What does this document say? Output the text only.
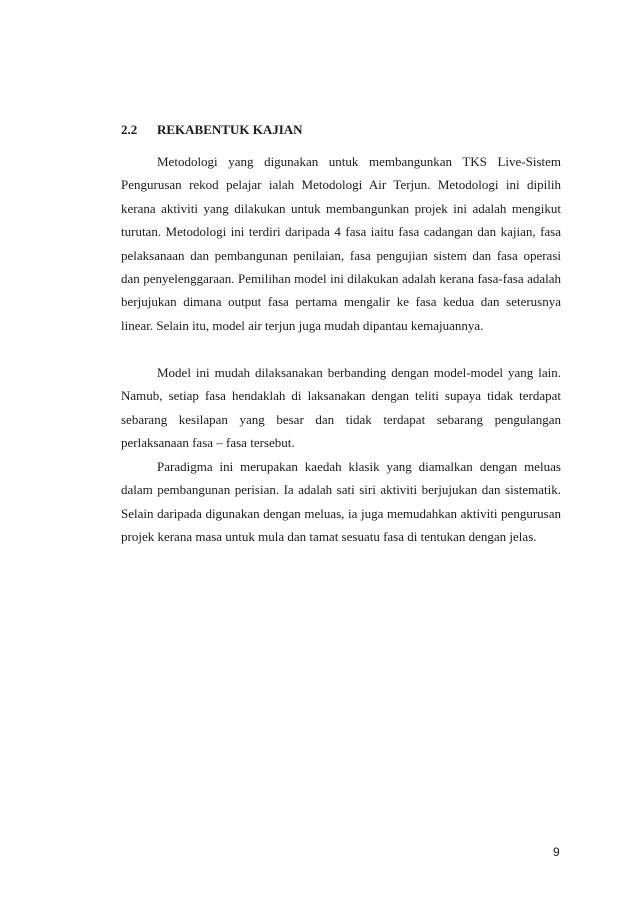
2.2 REKABENTUK KAJIAN

Metodologi yang digunakan untuk membangunkan TKS Live-Sistem Pengurusan rekod pelajar ialah Metodologi Air Terjun. Metodologi ini dipilih kerana aktiviti yang dilakukan untuk membangunkan projek ini adalah mengikut turutan. Metodologi ini terdiri daripada 4 fasa iaitu fasa cadangan dan kajian, fasa pelaksanaan dan pembangunan penilaian, fasa pengujian sistem dan fasa operasi dan penyelenggaraan. Pemilihan model ini dilakukan adalah kerana fasa-fasa adalah berjujukan dimana output fasa pertama mengalir ke fasa kedua dan seterusnya linear. Selain itu, model air terjun juga mudah dipantau kemajuannya.

Model ini mudah dilaksanakan berbanding dengan model-model yang lain. Namub, setiap fasa hendaklah di laksanakan dengan teliti supaya tidak terdapat sebarang kesilapan yang besar dan tidak terdapat sebarang pengulangan perlaksanaan fasa – fasa tersebut.

Paradigma ini merupakan kaedah klasik yang diamalkan dengan meluas dalam pembangunan perisian. Ia adalah sati siri aktiviti berjujukan dan sistematik. Selain daripada digunakan dengan meluas, ia juga memudahkan aktiviti pengurusan projek kerana masa untuk mula dan tamat sesuatu fasa di tentukan dengan jelas.

9
